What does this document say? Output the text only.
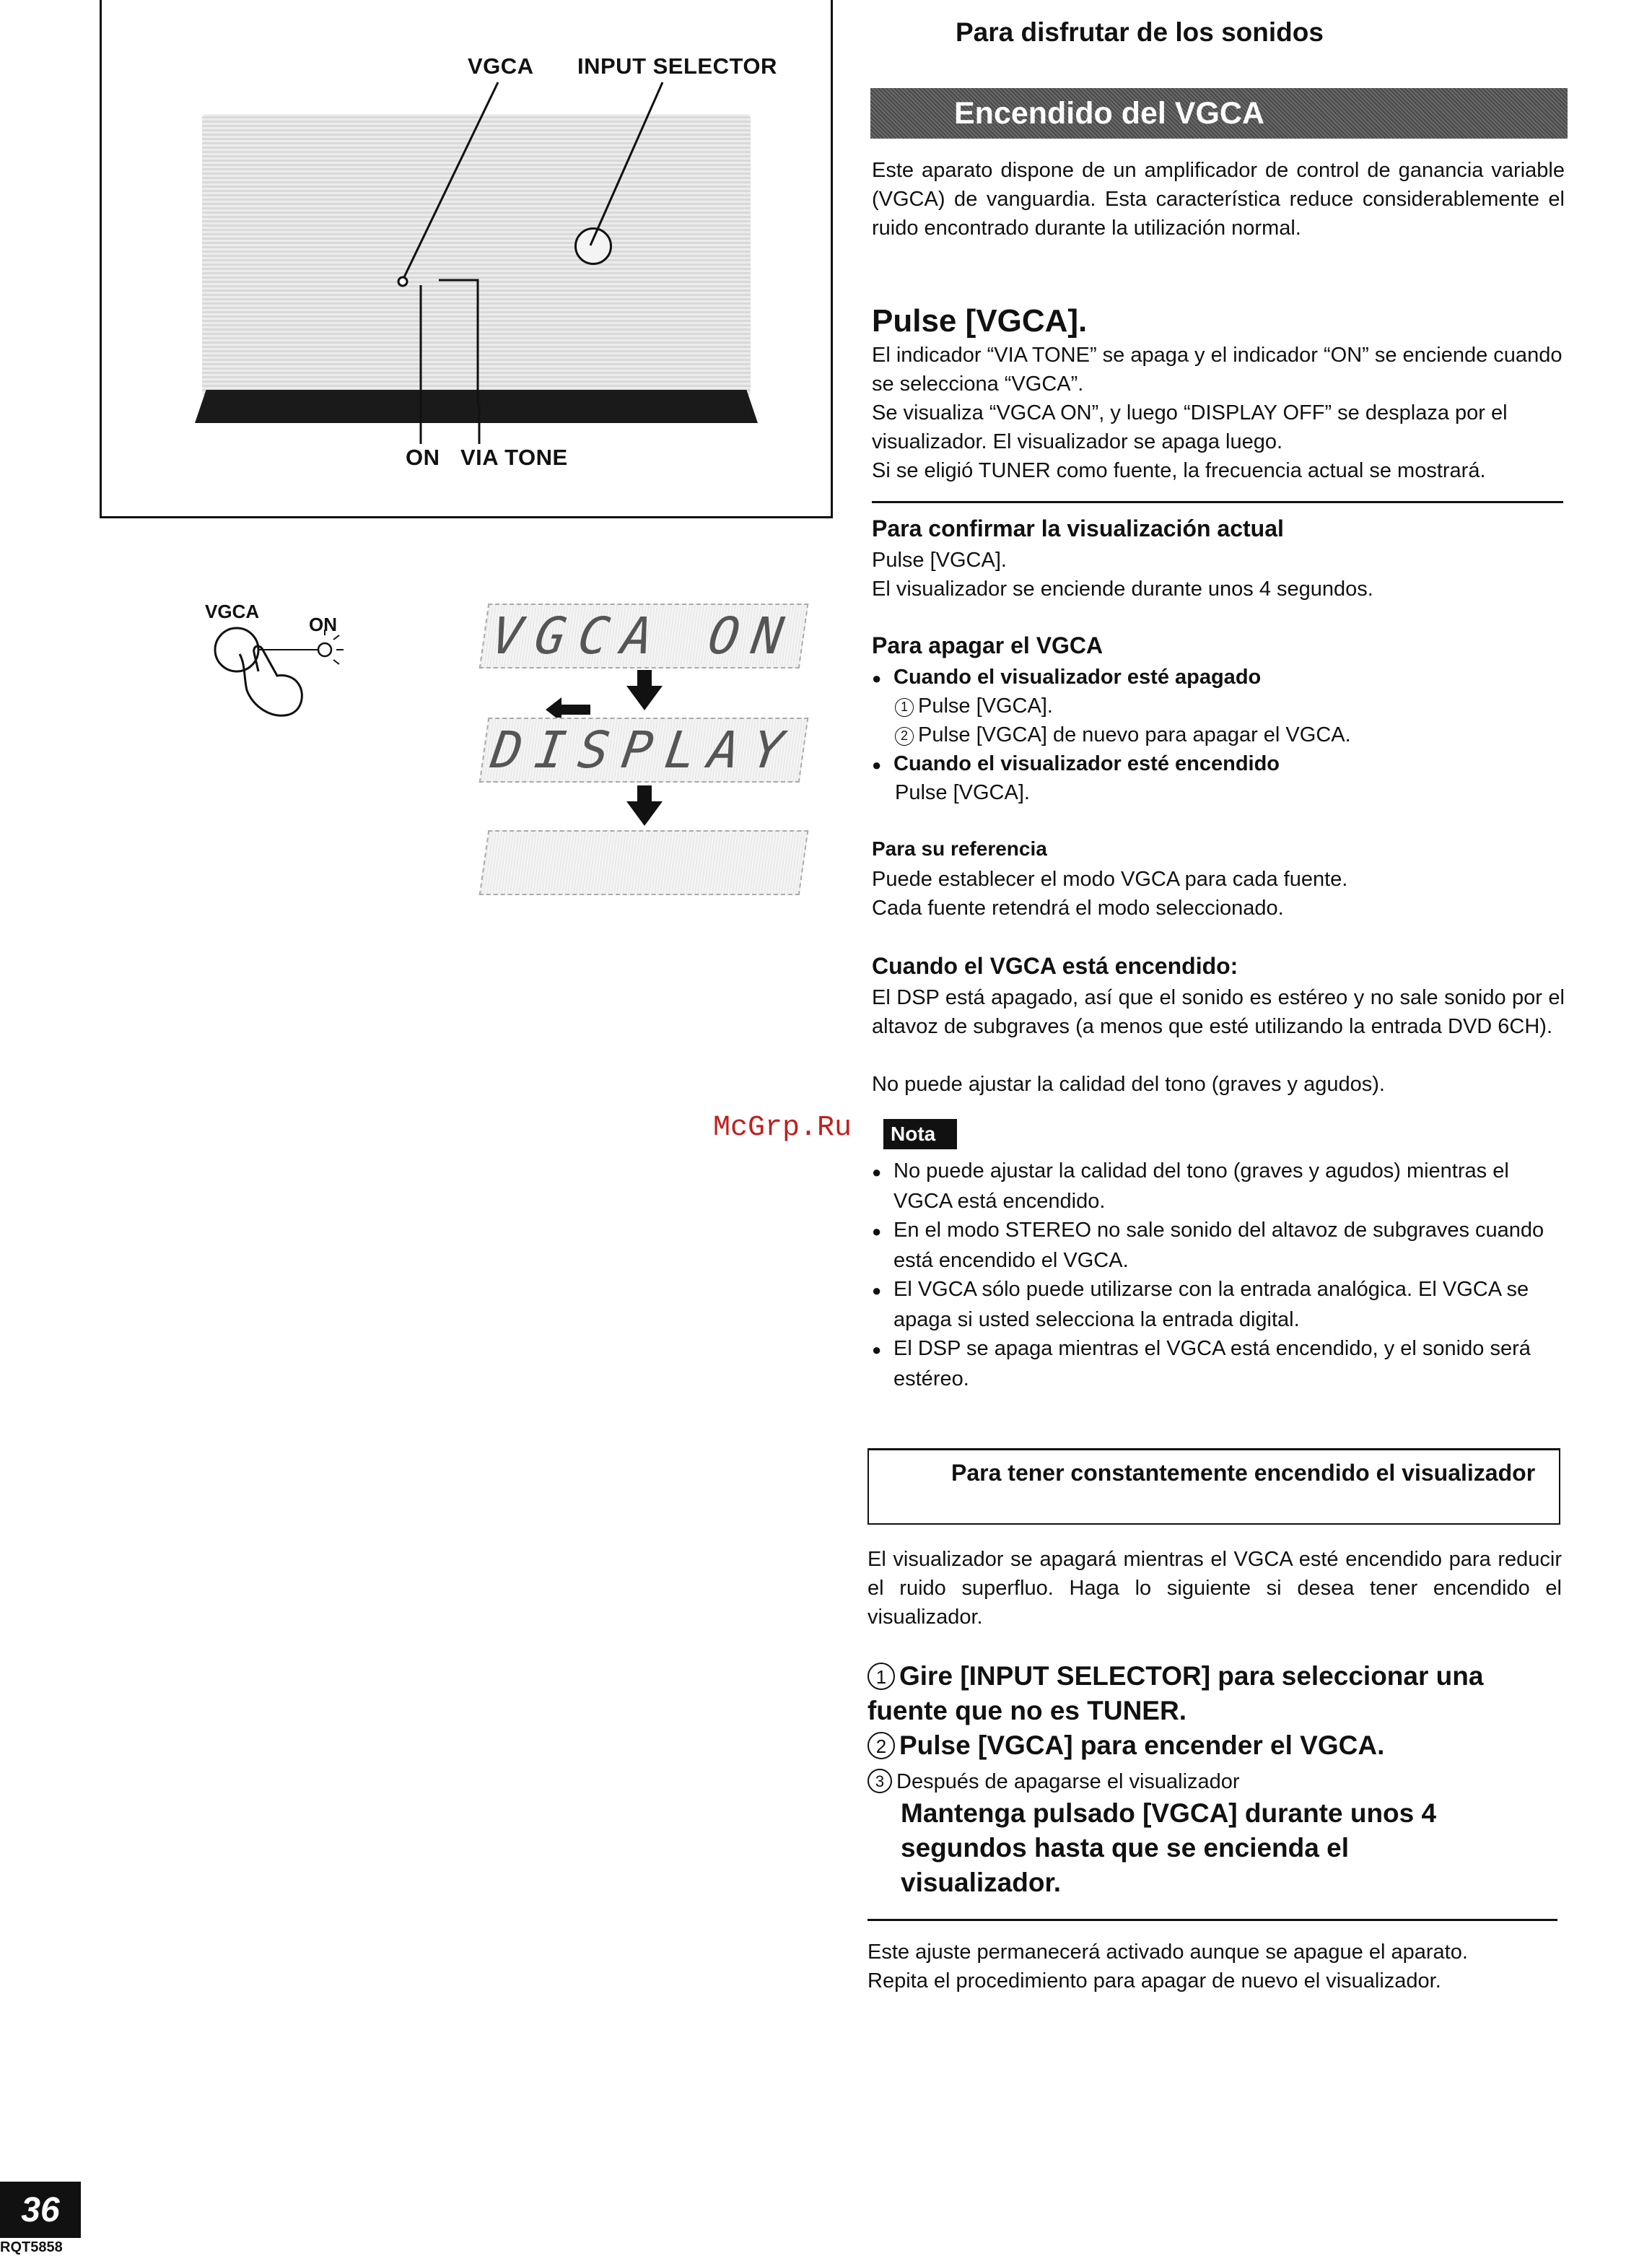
VGCA INPUT SELECTOR
ON VIA TONE
VGCA
ON	VGCA ON
DISPLAY
Para disfrutar de los sonidos
Encendido del VGCA
Este aparato dispone de un amplificador de control de ganancia variable (VGCA) de vanguardia. Esta característica reduce considerablemente el ruido encontrado durante la utilización normal.
Pulse [VGCA].
El indicador “VIA TONE” se apaga y el indicador “ON” se enciende cuando se selecciona “VGCA”.
Se visualiza “VGCA ON”, y luego “DISPLAY OFF” se desplaza por el visualizador. El visualizador se apaga luego.
Si se eligió TUNER como fuente, la frecuencia actual se mostrará.
Para confirmar la visualización actual
Pulse [VGCA].
El visualizador se enciende durante unos 4 segundos.
Para apagar el VGCA
● Cuando el visualizador esté apagado
1 Pulse [VGCA].
2 Pulse [VGCA] de nuevo para apagar el VGCA.
● Cuando el visualizador esté encendido
Pulse [VGCA].
Para su referencia
Puede establecer el modo VGCA para cada fuente.
Cada fuente retendrá el modo seleccionado.
Cuando el VGCA está encendido:
El DSP está apagado, así que el sonido es estéreo y no sale sonido por el altavoz de subgraves (a menos que esté utilizando la entrada DVD 6CH).
No puede ajustar la calidad del tono (graves y agudos).
McGrp.Ru	Nota
● No puede ajustar la calidad del tono (graves y agudos) mientras el VGCA está encendido.
● En el modo STEREO no sale sonido del altavoz de subgraves cuando está encendido el VGCA.
● El VGCA sólo puede utilizarse con la entrada analógica. El VGCA se apaga si usted selecciona la entrada digital.
● El DSP se apaga mientras el VGCA está encendido, y el sonido será estéreo.
Para tener constantemente encendido el visualizador
El visualizador se apagará mientras el VGCA esté encendido para reducir el ruido superfluo. Haga lo siguiente si desea tener encendido el visualizador.
1 Gire [INPUT SELECTOR] para seleccionar una fuente que no es TUNER.
2 Pulse [VGCA] para encender el VGCA.
3 Después de apagarse el visualizador
Mantenga pulsado [VGCA] durante unos 4 segundos hasta que se encienda el visualizador.
Este ajuste permanecerá activado aunque se apague el aparato.
Repita el procedimiento para apagar de nuevo el visualizador.
36
RQT5858
